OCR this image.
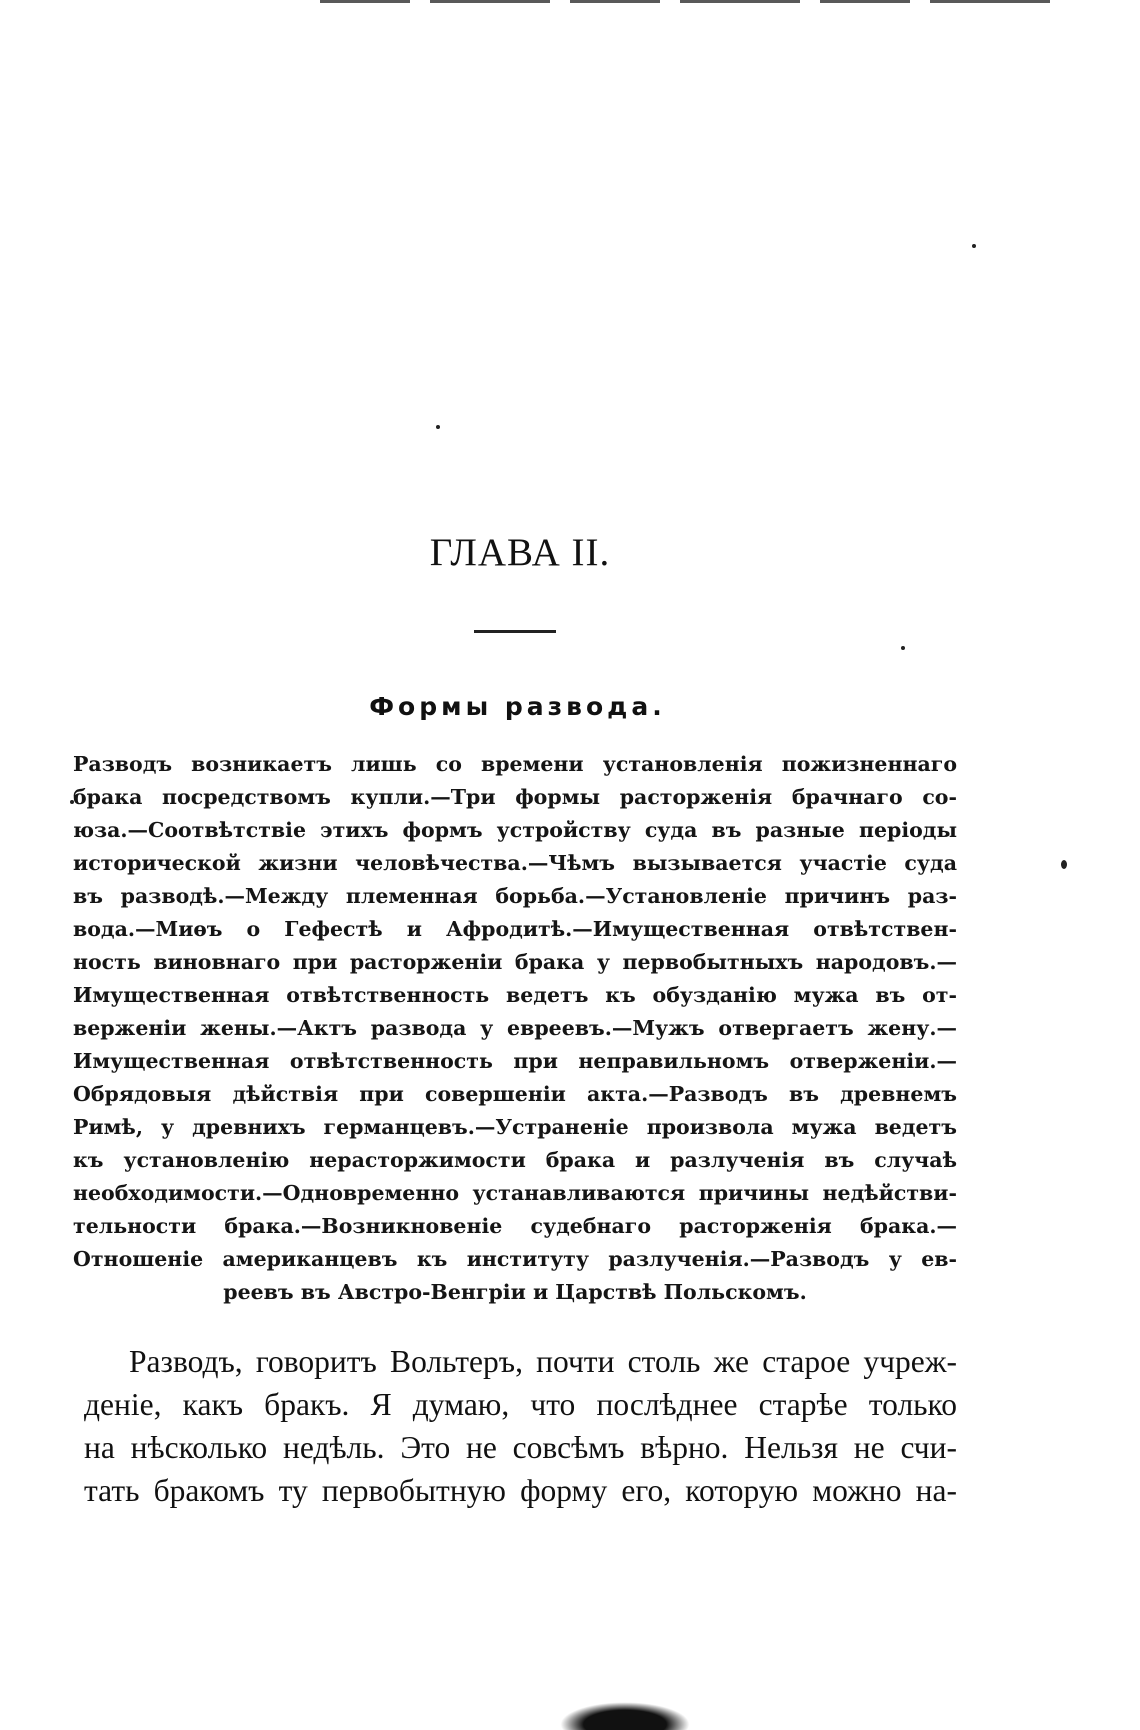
ГЛАВА II.
Формы развода.
Разводъ возникаетъ лишь со времени установленія пожизненнаго
брака посредствомъ купли.—Три формы расторженія брачнаго со-
юза.—Соотвѣтствіе этихъ формъ устройству суда въ разные періоды
исторической жизни человѣчества.—Чѣмъ вызывается участіе суда
въ разводѣ.—Между племенная борьба.—Установленіе причинъ раз-
вода.—Миѳъ о Гефестѣ и Афродитѣ.—Имущественная отвѣтствен-
ность виновнаго при расторженіи брака у первобытныхъ народовъ.—
Имущественная отвѣтственность ведетъ къ обузданію мужа въ от-
верженіи жены.—Актъ развода у евреевъ.—Мужъ отвергаетъ жену.—
Имущественная отвѣтственность при неправильномъ отверженіи.—
Обрядовыя дѣйствія при совершеніи акта.—Разводъ въ древнемъ
Римѣ, у древнихъ германцевъ.—Устраненіе произвола мужа ведетъ
къ установленію нерасторжимости брака и разлученія въ случаѣ
необходимости.—Одновременно устанавливаются причины недѣйстви-
тельности брака.—Возникновеніе судебнаго расторженія брака.—
Отношеніе американцевъ къ институту разлученія.—Разводъ у ев-
реевъ въ Австро-Венгріи и Царствѣ Польскомъ.
Разводъ, говоритъ Вольтеръ, почти столь же старое учреж-
деніе, какъ бракъ. Я думаю, что послѣднее старѣе только
на нѣсколько недѣль. Это не совсѣмъ вѣрно. Нельзя не счи-
тать бракомъ ту первобытную форму его, которую можно на-
